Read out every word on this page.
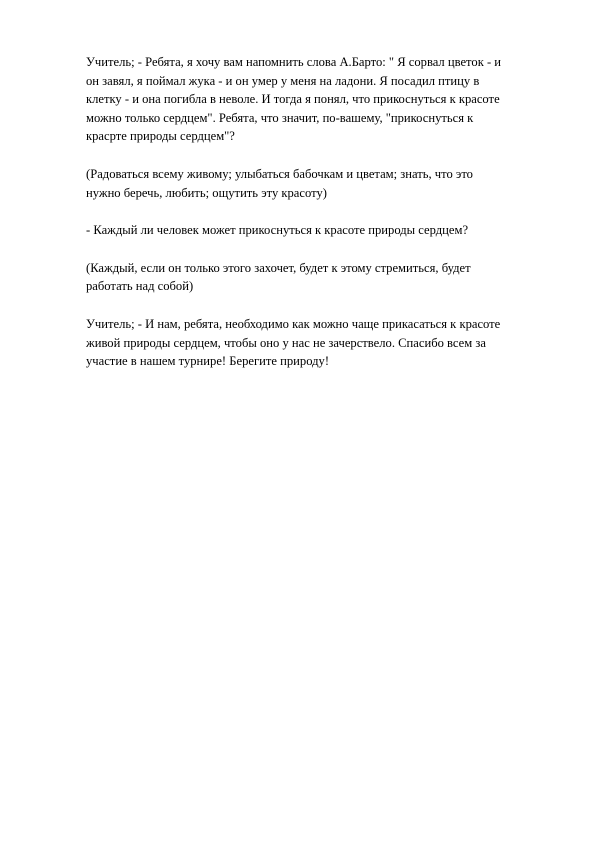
Учитель; - Ребята, я хочу вам напомнить слова А.Барто: " Я сорвал цветок - и
он завял, я поймал жука - и он умер у меня на ладони. Я посадил птицу в
клетку - и она погибла в неволе. И тогда я понял, что прикоснуться к красоте
можно только сердцем". Ребята, что значит, по-вашему, "прикоснуться к
красрте природы сердцем"?

(Радоваться всему живому; улыбаться бабочкам и цветам; знать, что это
нужно беречь, любить; ощутить эту красоту)

- Каждый ли человек может прикоснуться к красоте природы сердцем?

(Каждый, если он только этого захочет, будет к этому стремиться, будет
работать над собой)

Учитель; - И нам, ребята, необходимо как можно чаще прикасаться к красоте
живой природы сердцем, чтобы оно у нас не зачерствело. Спасибо всем за
участие в нашем турнире! Берегите природу!
